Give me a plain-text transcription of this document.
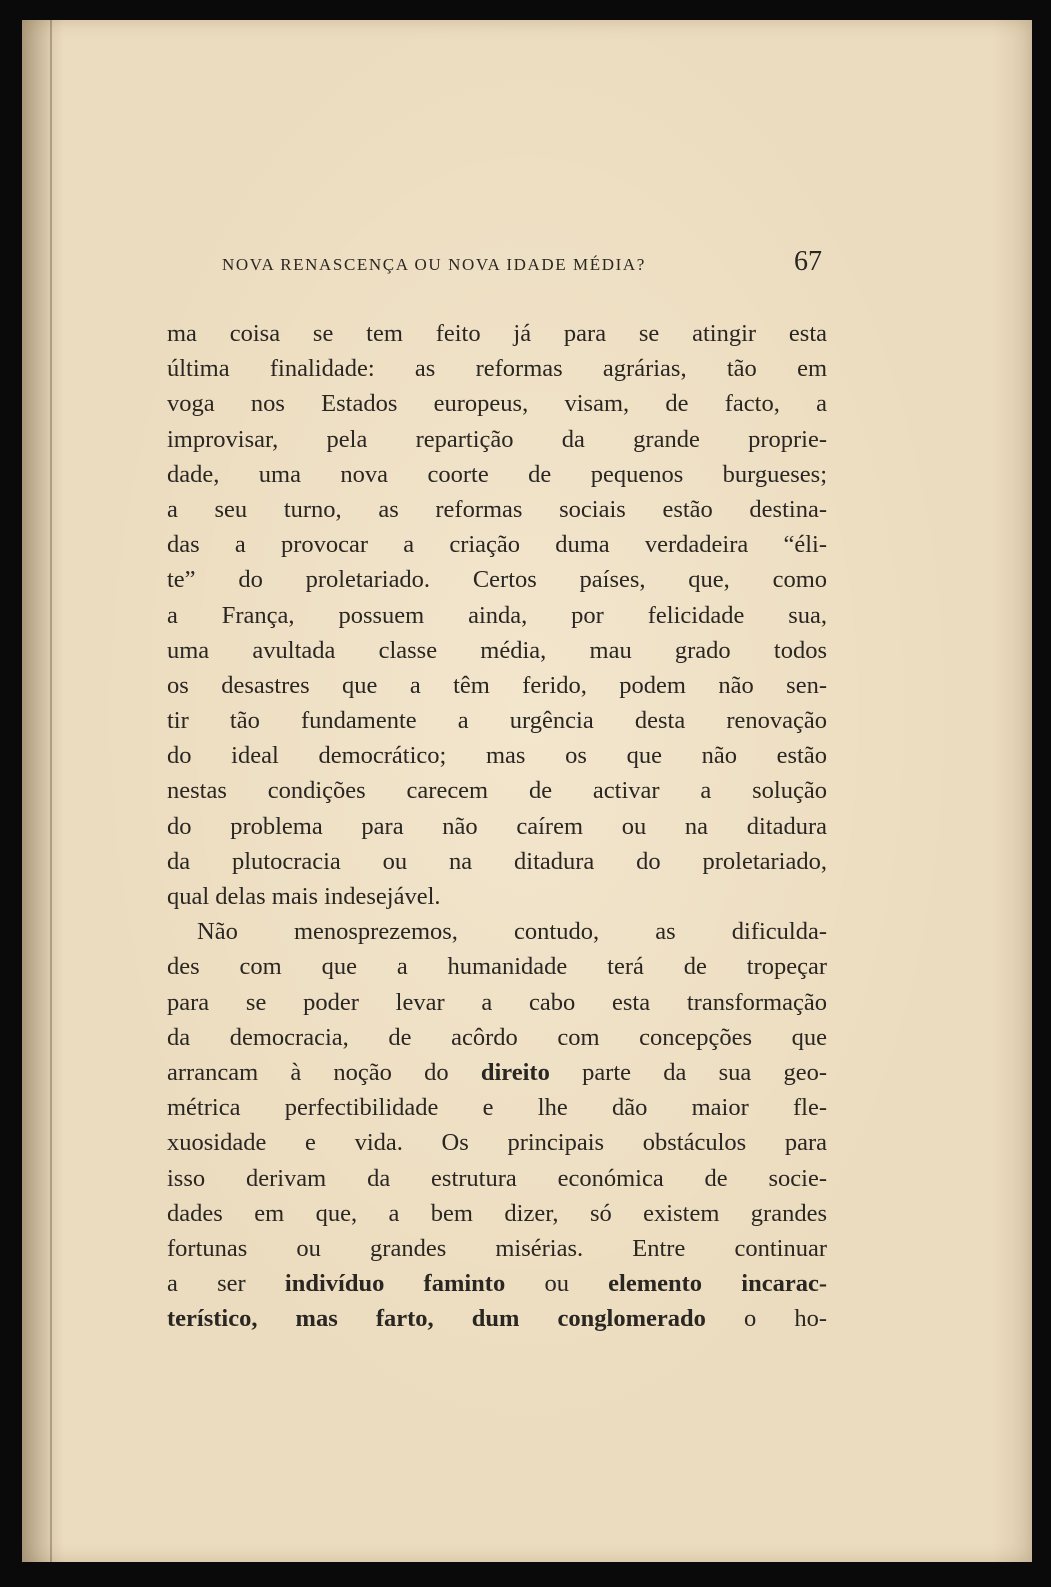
NOVA RENASCENÇA OU NOVA IDADE MÉDIA?	67
ma coisa se tem feito já para se atingir esta
última finalidade: as reformas agrárias, tão em
voga nos Estados europeus, visam, de facto, a
improvisar, pela repartição da grande proprie-
dade, uma nova coorte de pequenos burgueses;
a seu turno, as reformas sociais estão destina-
das a provocar a criação duma verdadeira “éli-
te” do proletariado. Certos países, que, como
a França, possuem ainda, por felicidade sua,
uma avultada classe média, mau grado todos
os desastres que a têm ferido, podem não sen-
tir tão fundamente a urgência desta renovação
do ideal democrático; mas os que não estão
nestas condições carecem de activar a solução
do problema para não caírem ou na ditadura
da plutocracia ou na ditadura do proletariado,
qual delas mais indesejável.
Não menosprezemos, contudo, as dificulda-
des com que a humanidade terá de tropeçar
para se poder levar a cabo esta transformação
da democracia, de acôrdo com concepções que
arrancam à noção do direito parte da sua geo-
métrica perfectibilidade e lhe dão maior fle-
xuosidade e vida. Os principais obstáculos para
isso derivam da estrutura económica de socie-
dades em que, a bem dizer, só existem grandes
fortunas ou grandes misérias. Entre continuar
a ser indivíduo faminto ou elemento incarac-
terístico, mas farto, dum conglomerado o ho-
